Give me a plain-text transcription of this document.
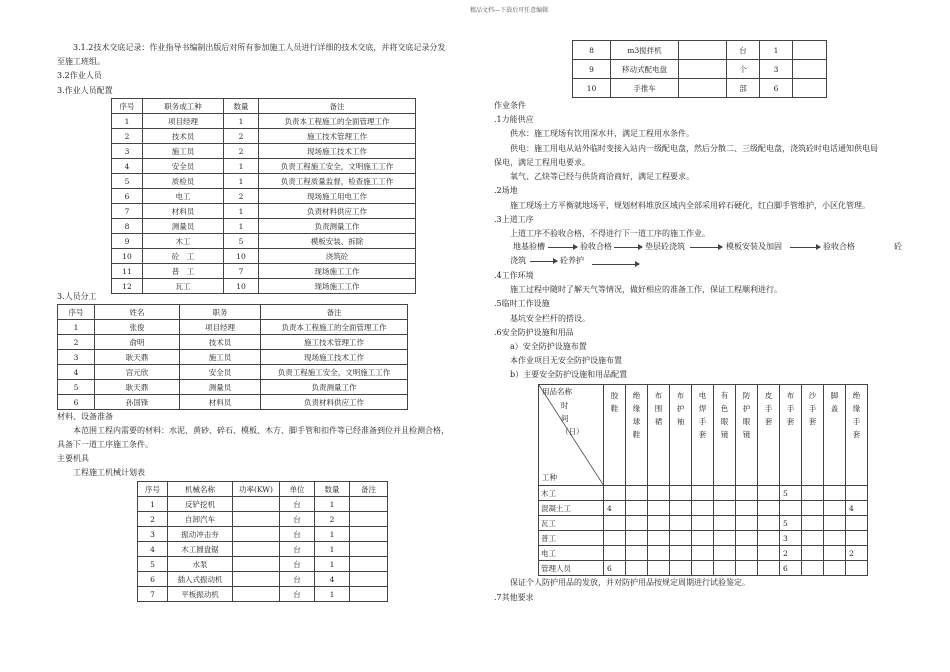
精品文档---下载后可任意编辑
3.1.2技术交底记录：作业指导书编制出版后对所有参加施工人员进行详细的技术交底，并将交底记录分发
至施工班组。
3.2作业人员
3.作业人员配置
序号	职务或工种	数量	备注
1	项目经理	1	负责本工程施工的全面管理工作
2	技术员	2	施工技术管理工作
3	施工员	2	现场施工技术工作
4	安全员	1	负责工程施工安全，文明施工工作
5	质检员	1	负责工程质量监督，检查施工工作
6	电工	2	现场施工用电工作
7	材料员	1	负责材料供应工作
8	测量员	1	负责测量工作
9	木工	5	模板安装、拆除
10	砼　工	10	浇筑砼
11	普　工	7	现场施工工作
12	瓦工	10	现场施工工作
3.人员分工
序号	姓名	职务	备注
1	张俊	项目经理	负责本工程施工的全面管理工作
2	俞明	技术员	施工技术管理工作
3	耿天鼎	施工员	现场施工技术工作
4	宫元欣	安全员	负责工程施工安全，文明施工工作
5	耿天鼎	测量员	负责测量工作
6	孙国锋	材料员	负责材料供应工作
材料、设备准备
本范围工程内需要的材料：水泥、黄砂、碎石、模板、木方、脚手管和扣件等已经准备到位并且检测合格，
具备下一道工序施工条件。
主要机具
工程施工机械计划表
序号	机械名称	功率(KW)	单位	数量	备注
1	反铲挖机		台	1	
2	自卸汽车		台	2	
3	振动冲击夯		台	1	
4	木工圆盘锯		台	1	
5	水泵		台	1	
6	插入式振动机		台	4	
7	平板振动机		台	1	
8	m3搅拌机		台	1	
9	移动式配电盘		个	3	
10	手推车		部	6	
作业条件
.1力能供应
供水：施工现场有饮用深水井，满足工程用水条件。
供电：施工用电从站外临时变接入站内一级配电盘，然后分散二、三级配电盘，浇筑砼时电话通知供电局
保电，满足工程用电要求。
氧气、乙炔等已经与供货商洽商好，满足工程要求。
.2场地
施工现场土方平衡就地场平，规划材料堆放区域内全部采用碎石硬化，红白脚手管维护，小区化管理。
.3上道工序
上道工序不验收合格，不得进行下一道工序的施工作业。
地基验槽	验收合格	垫层砼浇筑	模板安装及加固	验收合格	砼
浇筑	砼养护
.4工作环境
施工过程中随时了解天气等情况，做好相应的准备工作，保证工程顺利进行。
.5临时工作设施
基坑安全栏杆的搭设。
.6安全防护设施和用品
a）安全防护设施布置
本作业项目无安全防护设施布置
b）主要安全防护设施和用品配置
用品名称
时间（日）
工种	胶鞋	绝缘球鞋	布围裙	布护袖	电焊手套	有色眼镜	防护眼镜	皮手套	布手套	沙手套	脚盖	绝缘手套

木工									5			
混凝土工	4											4
瓦工									5			
普工									3			
电工									2			2
管理人员	6								6			
保证个人防护用品的发放，并对防护用品按规定周期进行试验鉴定。
.7其他要求
